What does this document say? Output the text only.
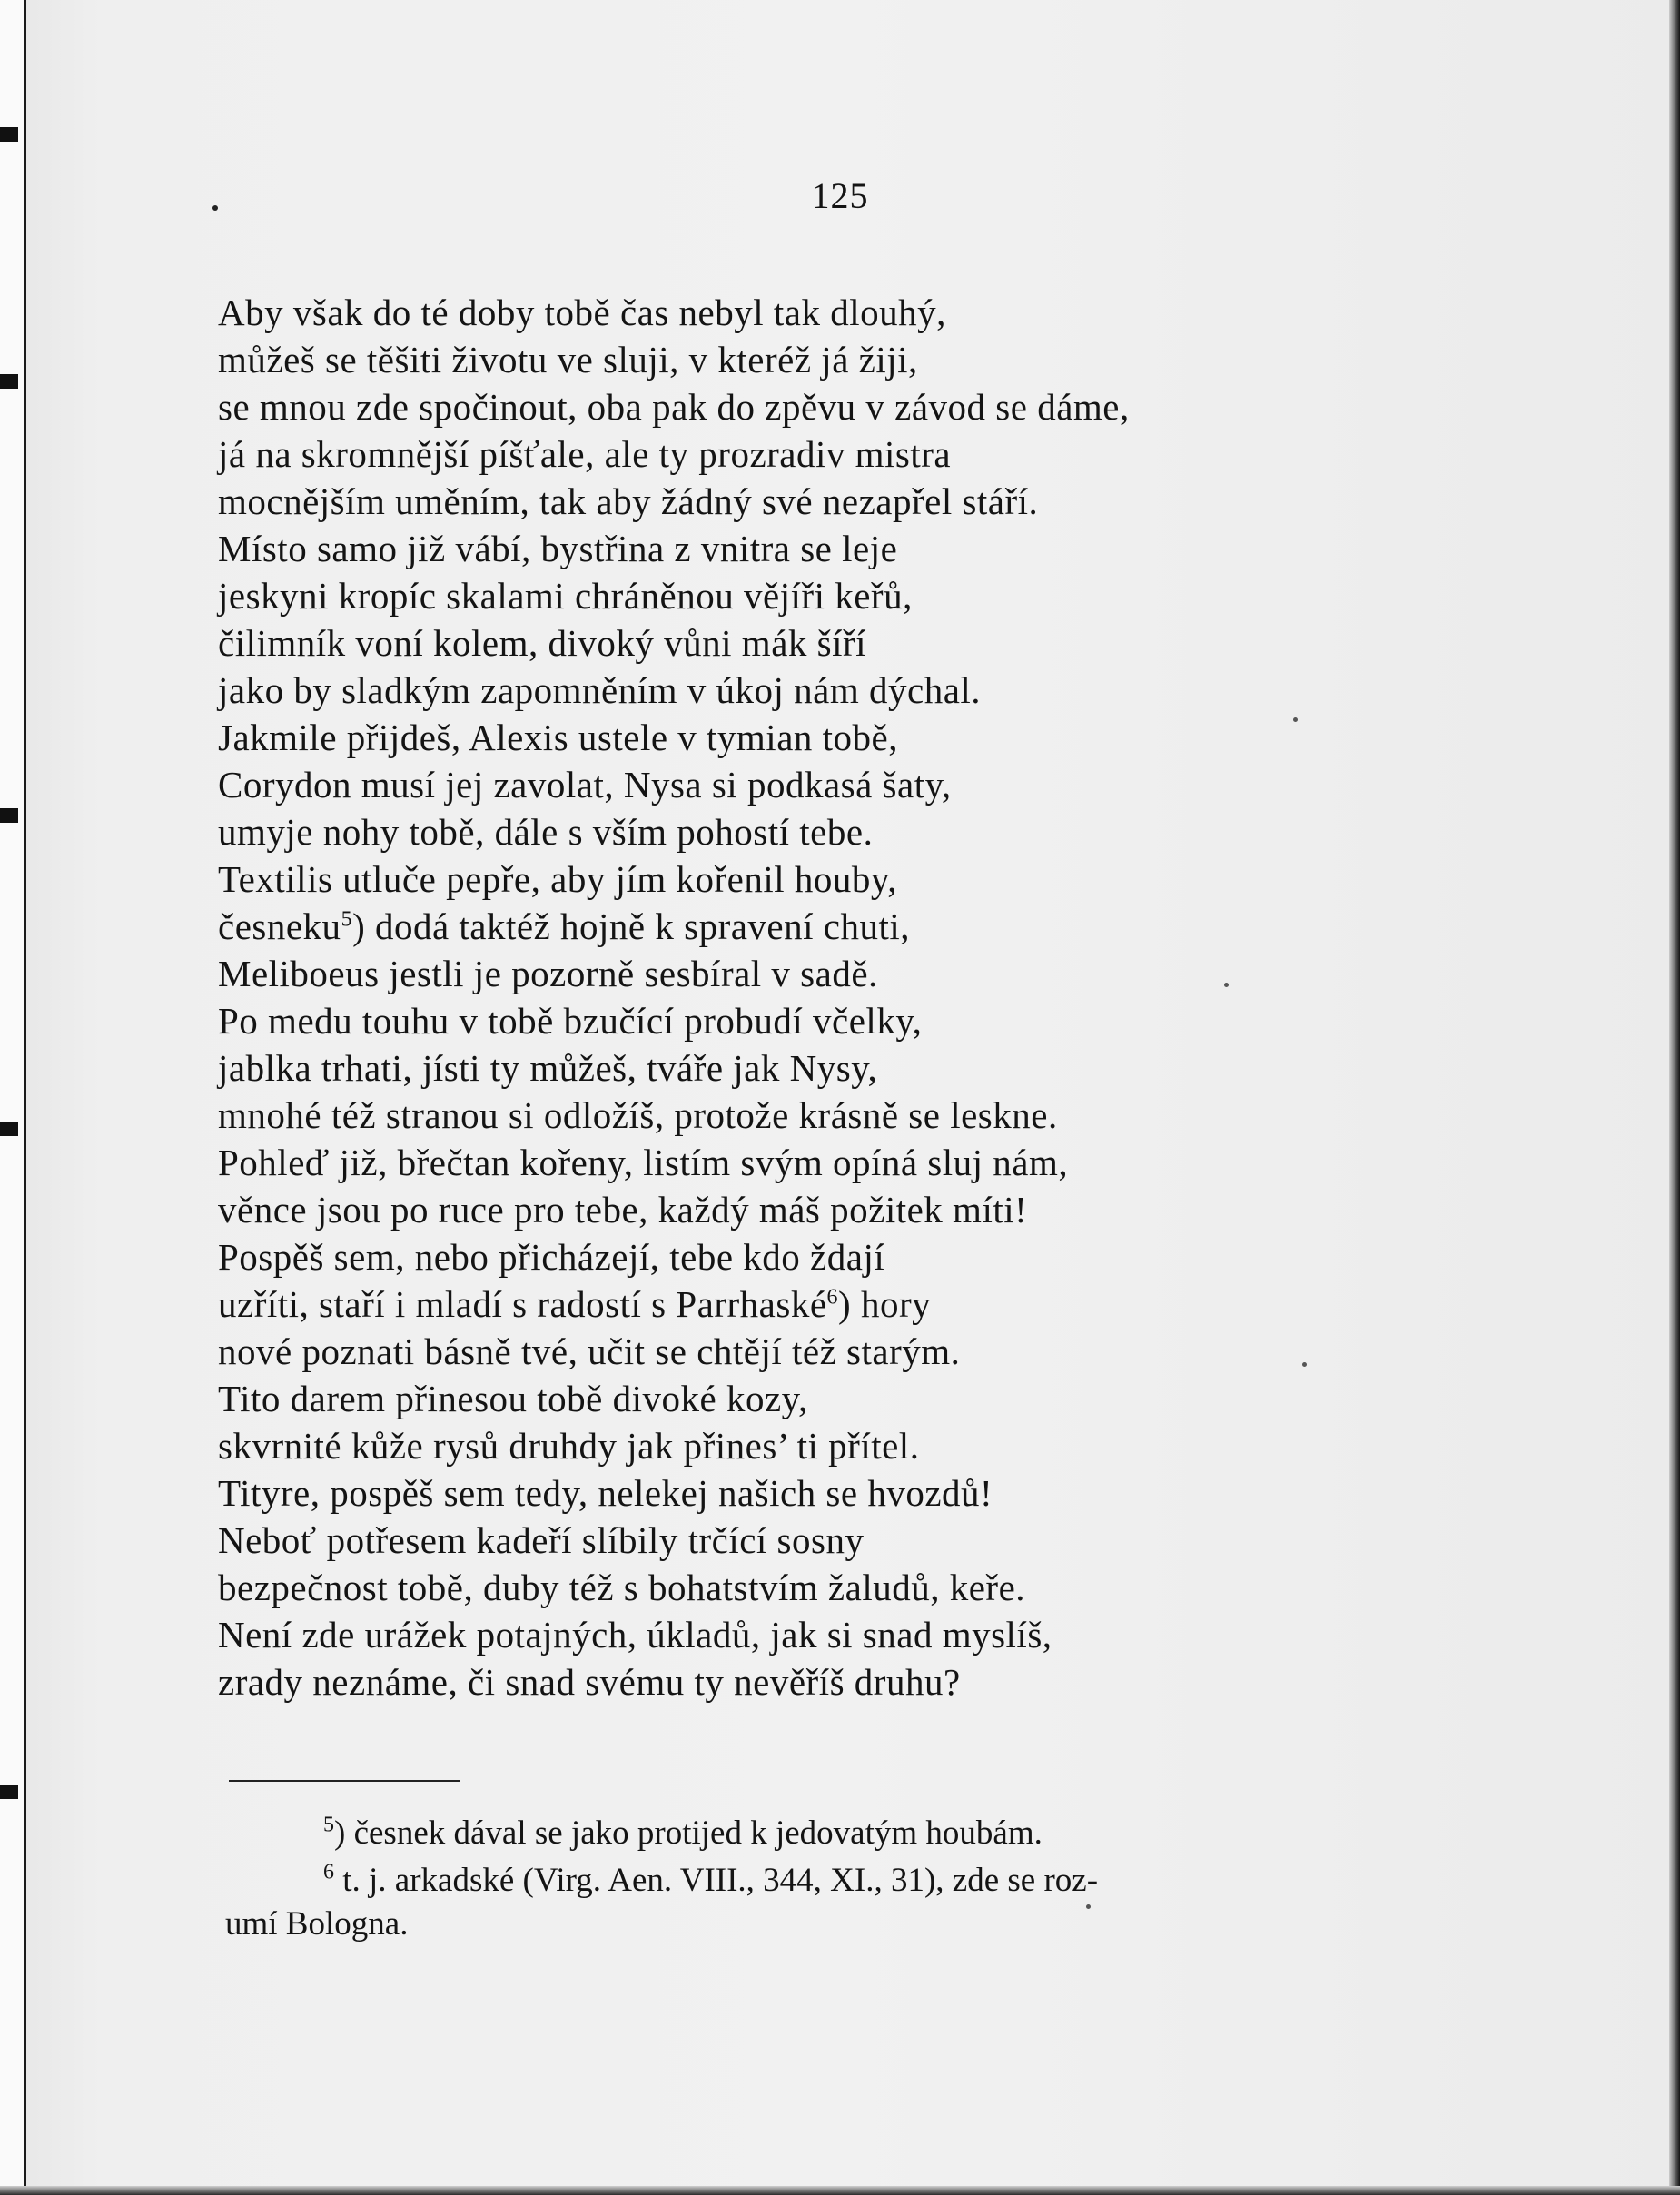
125
Aby však do té doby tobě čas nebyl tak dlouhý,
můžeš se těšiti životu ve sluji, v kteréž já žiji,
se mnou zde spočinout, oba pak do zpěvu v závod se dáme,
já na skromnější píšťale, ale ty prozradiv mistra
mocnějším uměním, tak aby žádný své nezapřel stáří.
Místo samo již vábí, bystřina z vnitra se leje
jeskyni kropíc skalami chráněnou vějíři keřů,
čilimník voní kolem, divoký vůni mák šíří
jako by sladkým zapomněním v úkoj nám dýchal.
Jakmile přijdeš, Alexis ustele v tymian tobě,
Corydon musí jej zavolat, Nysa si podkasá šaty,
umyje nohy tobě, dále s vším pohostí tebe.
Textilis utluče pepře, aby jím kořenil houby,
česneku$^5$) dodá taktéž hojně k spravení chuti,
Meliboeus jestli je pozorně sesbíral v sadě.
Po medu touhu v tobě bzučící probudí včelky,
jablka trhati, jísti ty můžeš, tváře jak Nysy,
mnohé též stranou si odložíš, protože krásně se leskne.
Pohleď již, břečtan kořeny, listím svým opíná sluj nám,
věnce jsou po ruce pro tebe, každý máš požitek míti!
Pospěš sem, nebo přicházejí, tebe kdo ždají
uzříti, staří i mladí s radostí s Parrhaské$^6$) hory
nové poznati básně tvé, učit se chtějí též starým.
Tito darem přinesou tobě divoké kozy,
skvrnité kůže rysů druhdy jak přines’ ti přítel.
Tityre, pospěš sem tedy, nelekej našich se hvozdů!
Neboť potřesem kadeří slíbily trčící sosny
bezpečnost tobě, duby též s bohatstvím žaludů, keře.
Není zde urážek potajných, úkladů, jak si snad myslíš,
zrady neznáme, či snad svému ty nevěříš druhu?
$^5$) česnek dával se jako protijed k jedovatým houbám.
$^6$ t. j. arkadské (Virg. Aen. VIII., 344, XI., 31), zde se roz-
umí Bologna.
